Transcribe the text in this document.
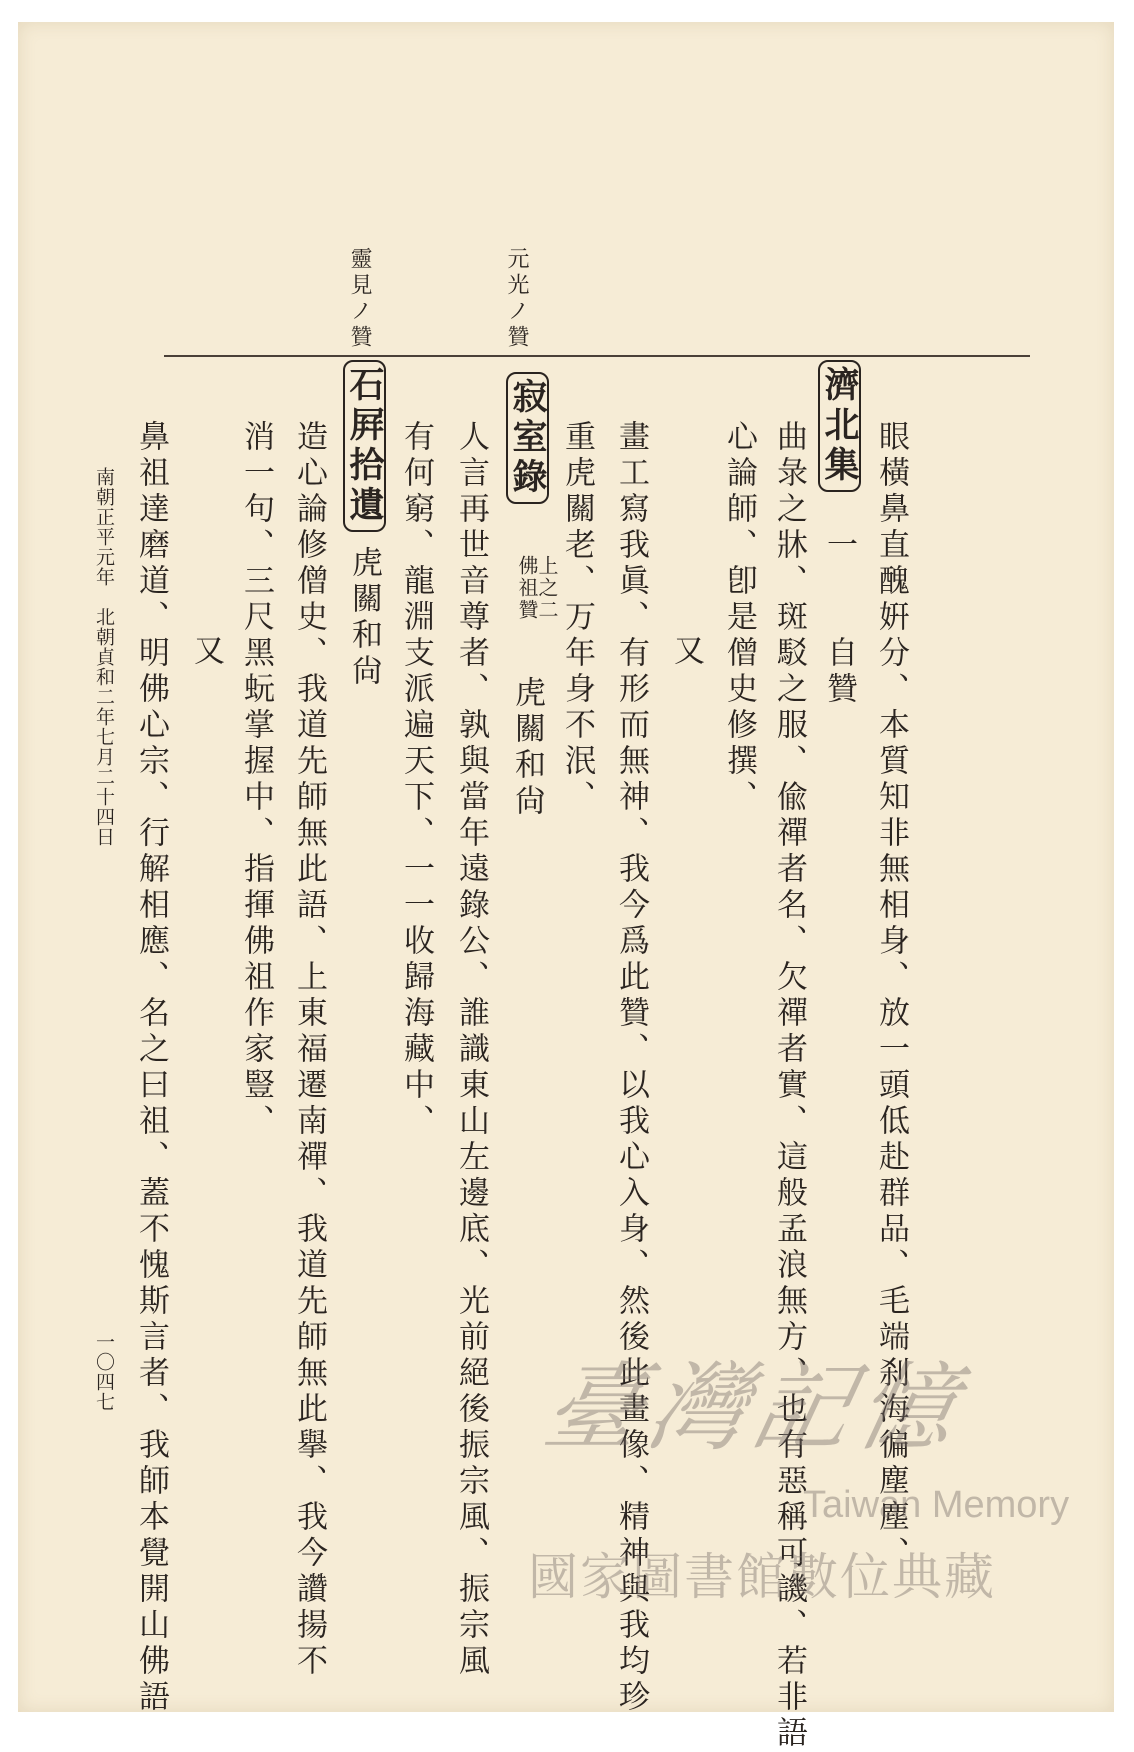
元光ノ贊
靈見ノ贊
眼橫鼻直醜姸分、本質知非無相身、放一頭低赴群品、毛端刹海徧塵塵、
曲彔之牀、斑駁之服、偸禪者名、欠禪者實、這般孟浪無方、也有惡稱可譏、若非語 濟北集一　　自贊
心論師、卽是僧史修撰、
又
畫工寫我眞、有形而無神、我今爲此贊、以我心入身、然後此畫像、精神與我均珍
重虎關老、万年身不泯、
寂室錄 上之二
佛祖贊 虎關和尙
人言再世音尊者、孰與當年遠錄公、誰識東山左邊底、光前絕後振宗風、振宗風
有何窮、龍淵支派遍天下、一一收歸海藏中、
石屛拾遺虎關和尙
造心論修僧史、我道先師無此語、上東福遷南禪、我道先師無此擧、我今讚揚不
消一句、三尺黑蚖掌握中、指揮佛祖作家豎、
又
鼻祖達磨道、明佛心宗、行解相應、名之曰祖、蓋不愧斯言者、我師本覺開山佛語
南朝正平元年　北朝貞和二年七月二十四日
一〇四七	臺灣記憶
Taiwan Memory
國家圖書館數位典藏
